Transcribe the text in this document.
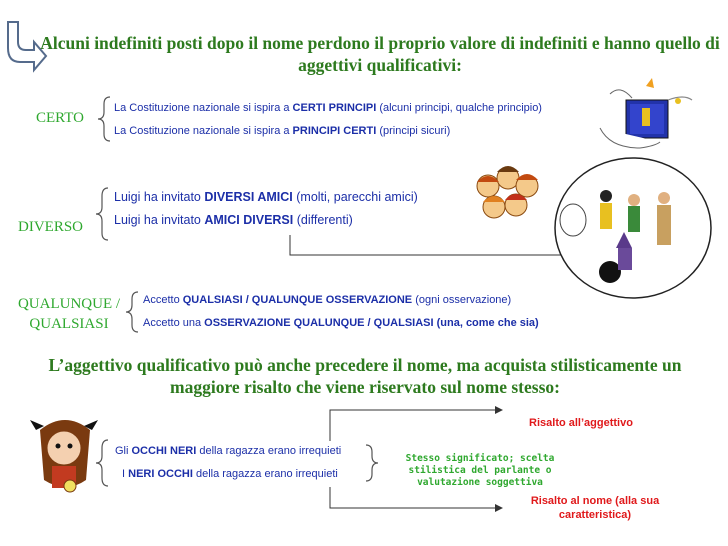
Alcuni indefiniti posti dopo il nome perdono il proprio valore di indefiniti e hanno quello di aggettivi qualificativi:
CERTO
La Costituzione nazionale si ispira a CERTI PRINCIPI (alcuni principi, qualche principio)
La Costituzione nazionale si ispira a PRINCIPI CERTI (principi sicuri)
DIVERSO
Luigi ha invitato DIVERSI AMICI (molti, parecchi amici)
Luigi ha invitato AMICI DIVERSI (differenti)
QUALUNQUE /
QUALSIASI
Accetto QUALSIASI / QUALUNQUE OSSERVAZIONE (ogni osservazione)
Accetto una OSSERVAZIONE QUALUNQUE / QUALSIASI (una, come che sia)
L’aggettivo qualificativo può anche precedere il nome, ma acquista stilisticamente un maggiore risalto che viene riservato sul nome stesso:
Gli OCCHI NERI della ragazza erano irrequieti
I NERI OCCHI della ragazza erano irrequieti
Stesso significato; scelta stilistica del parlante o valutazione soggettiva
Risalto all’aggettivo
Risalto al nome (alla sua caratteristica)
